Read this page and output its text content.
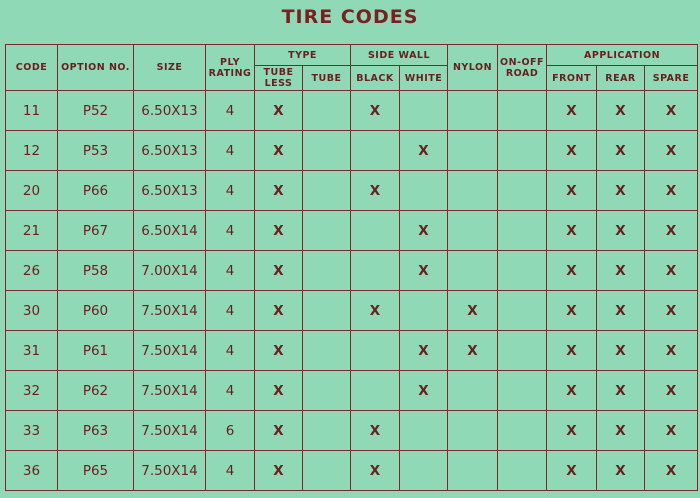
TIRE CODES
CODE	OPTION NO.	SIZE	PLY RATING	TYPE		SIDE WALL		NYLON	ON-OFF ROAD	APPLICATION		
				TUBE LESS	TUBE	BLACK	WHITE			FRONT	REAR	SPARE
11	P52	6.50X13	4	X		X				X	X	X
12	P53	6.50X13	4	X			X			X	X	X
20	P66	6.50X13	4	X		X				X	X	X
21	P67	6.50X14	4	X			X			X	X	X
26	P58	7.00X14	4	X			X			X	X	X
30	P60	7.50X14	4	X		X		X		X	X	X
31	P61	7.50X14	4	X			X	X		X	X	X
32	P62	7.50X14	4	X			X			X	X	X
33	P63	7.50X14	6	X		X				X	X	X
36	P65	7.50X14	4	X		X				X	X	X
